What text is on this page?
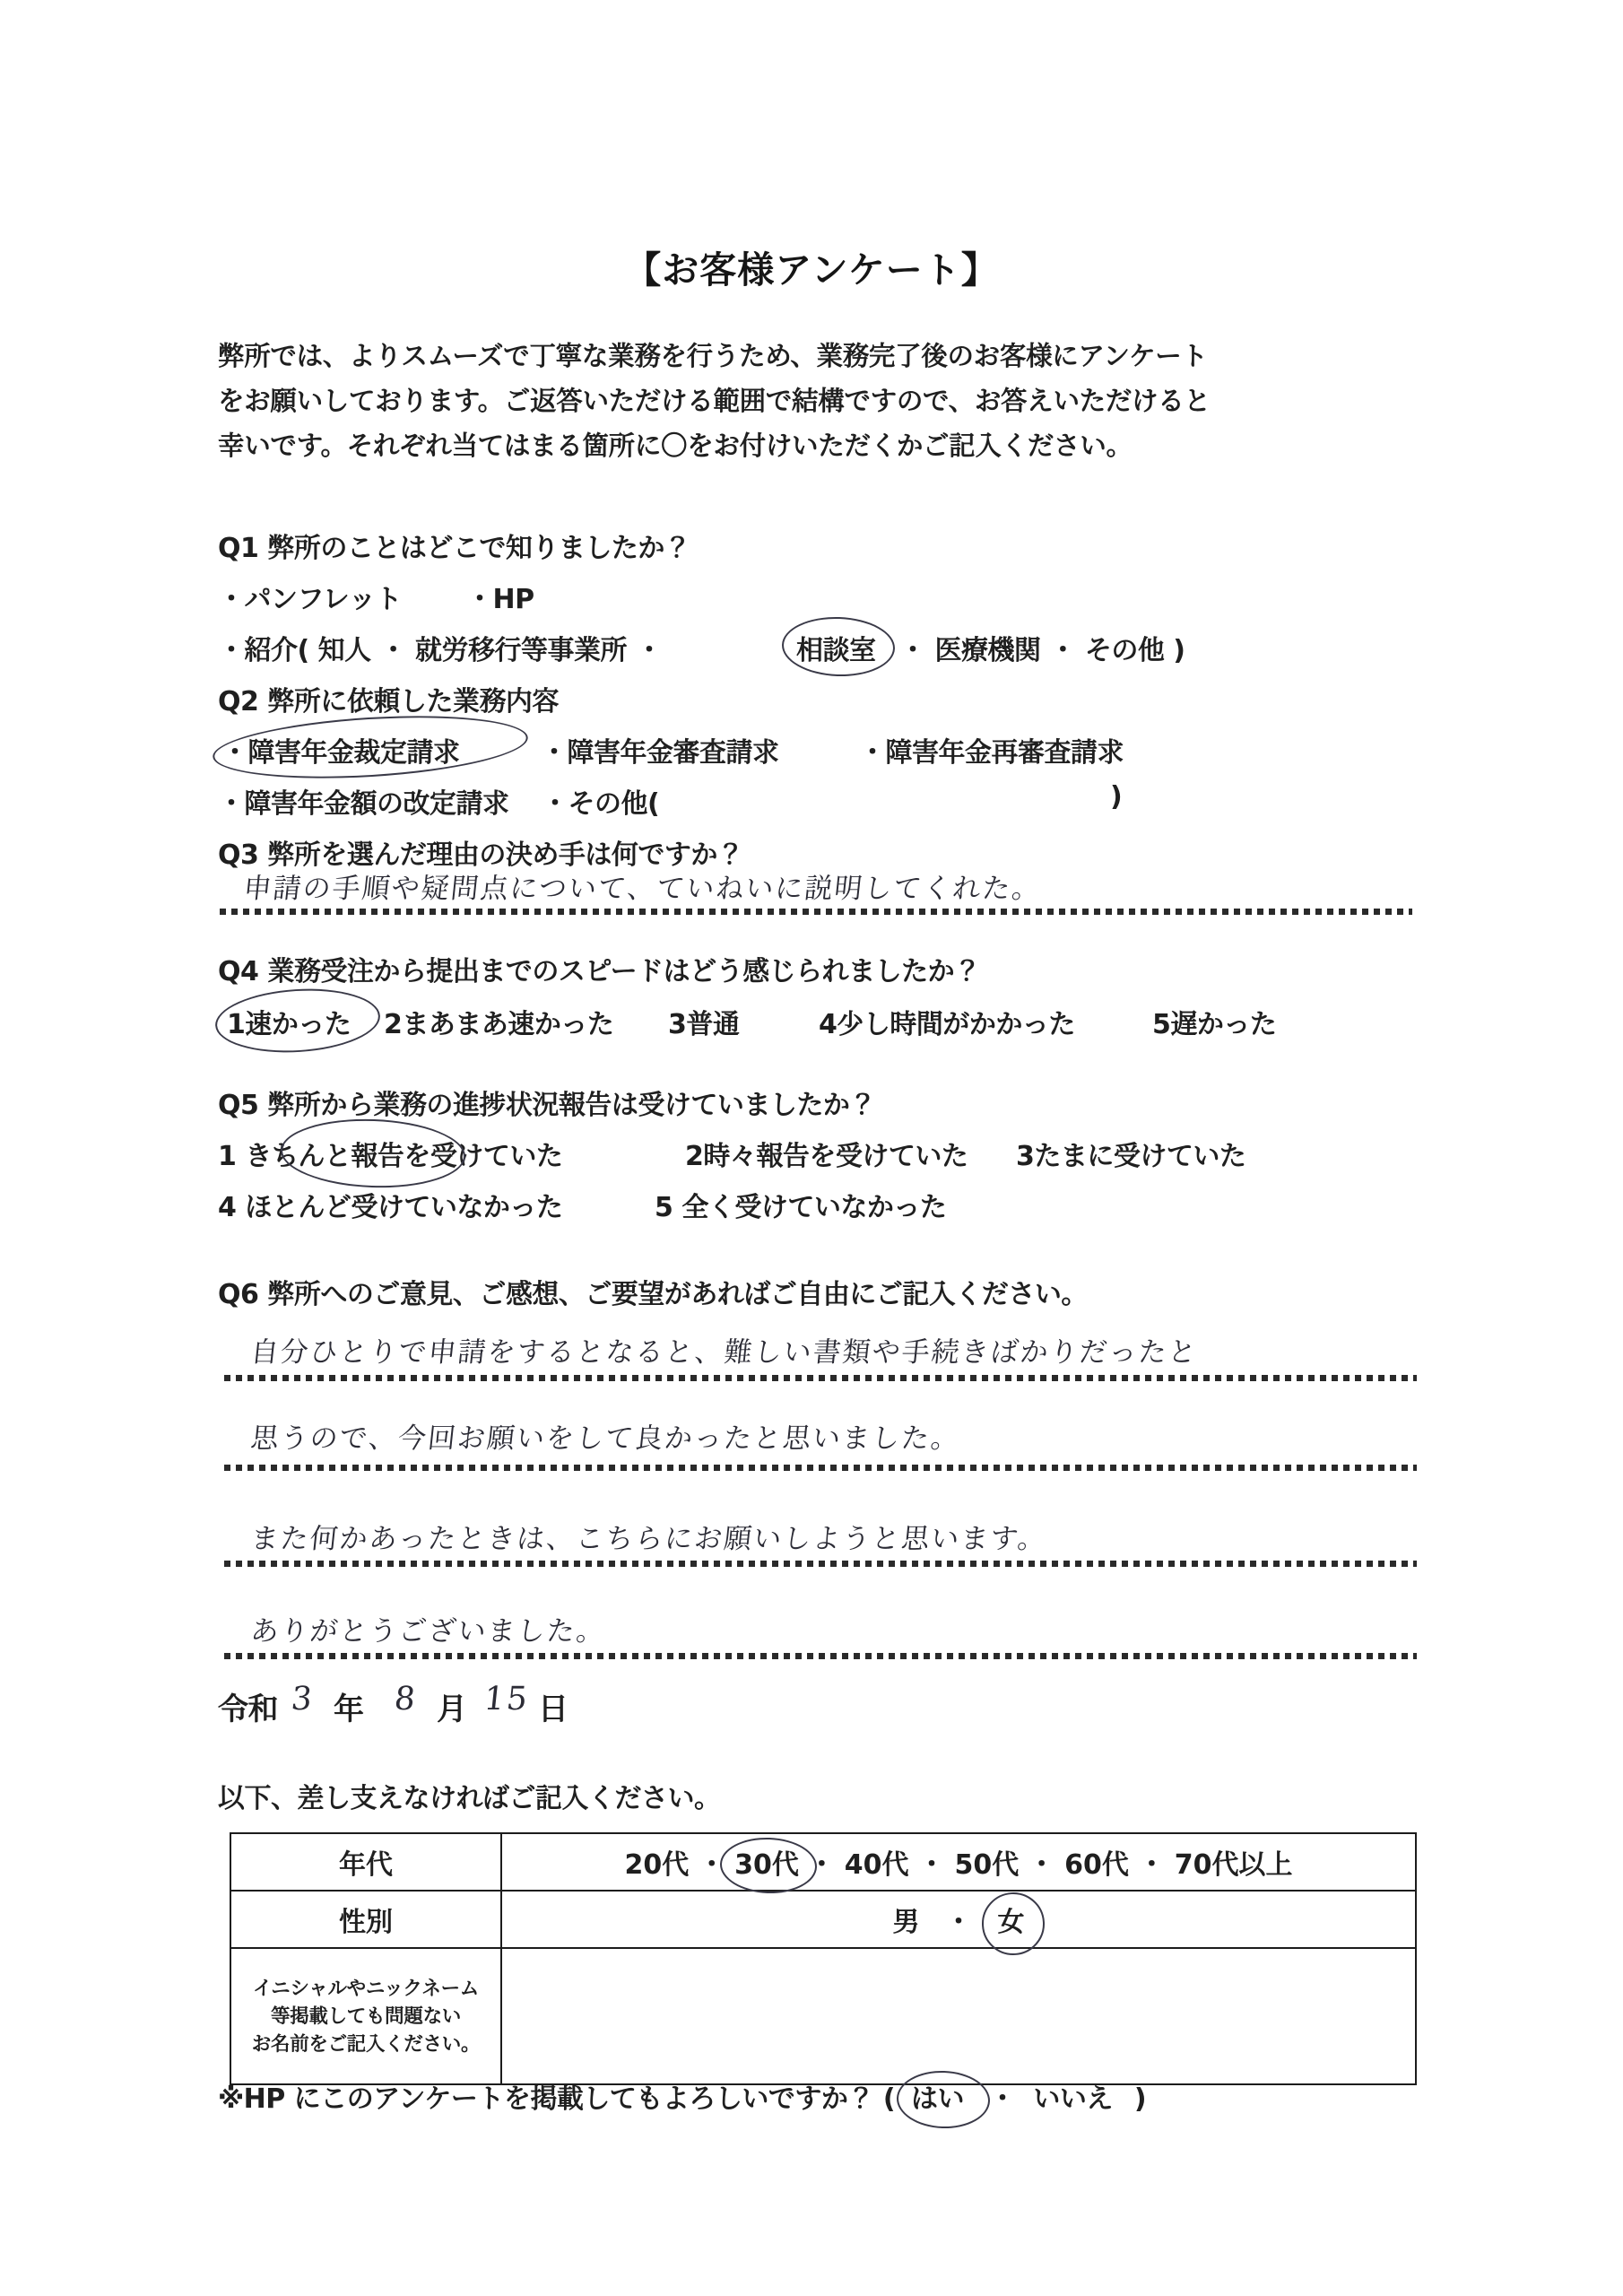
【お客様アンケート】
弊所では、よりスムーズで丁寧な業務を行うため、業務完了後のお客様にアンケート
をお願いしております。ご返答いただける範囲で結構ですので、お答えいただけると
幸いです。それぞれ当てはまる箇所に〇をお付けいただくかご記入ください。
Q1 弊所のことはどこで知りましたか？
・パンフレット ・HP
・紹介( 知人 ・ 就労移行等事業所 ・	相談室 ・ 医療機関 ・ その他 )
Q2 弊所に依頼した業務内容
・障害年金裁定請求	・障害年金審査請求	・障害年金再審査請求
・障害年金額の改定請求 ・その他(	)
Q3 弊所を選んだ理由の決め手は何ですか？
申請の手順や疑問点について、ていねいに説明してくれた。
Q4 業務受注から提出までのスピードはどう感じられましたか？
1速かった 2まあまあ速かった 3普通	4少し時間がかかった	5遅かった
Q5 弊所から業務の進捗状況報告は受けていましたか？
1 きちんと報告を受けていた	2時々報告を受けていた 3たまに受けていた
4 ほとんど受けていなかった	5 全く受けていなかった
Q6 弊所へのご意見、ご感想、ご要望があればご自由にご記入ください。
自分ひとりで申請をするとなると、難しい書類や手続きばかりだったと
思うので、今回お願いをして良かったと思いました。
また何かあったときは、こちらにお願いしようと思います。
ありがとうございました。
令和 3 年 8 月 15 日
以下、差し支えなければご記入ください。
年代	20代 ・ 30代 ・ 40代 ・ 50代 ・ 60代 ・ 70代以上
性別	男 ・ 女

イニシャルやニックネーム
等掲載しても問題ない
お名前をご記入ください。	

※HP にこのアンケートを掲載してもよろしいですか？ ( はい ・ いいえ )
